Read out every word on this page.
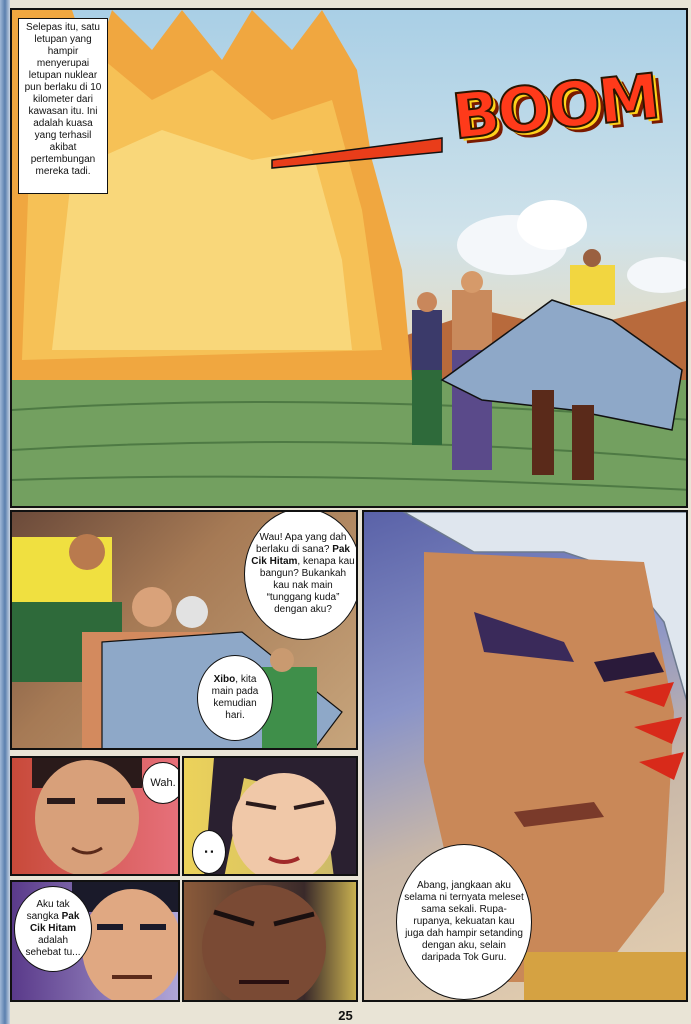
Selepas itu, satu letupan yang hampir menyerupai letupan nuklear pun berlaku di 10 kilometer dari kawasan itu. Ini adalah kuasa yang terhasil akibat pertembungan mereka tadi.
BOOM
Wau! Apa yang dah berlaku di sana? Pak Cik Hitam, kenapa kau bangun? Bukankah kau nak main “tunggang kuda” dengan aku?
Xibo, kita main pada kemudian hari.
Abang, jangkaan aku selama ni ternyata meleset sama sekali. Rupa-rupanya, kekuatan kau juga dah hampir setanding dengan aku, selain daripada Tok Guru.
Wah.
:
Aku tak sangka Pak Cik Hitam adalah sehebat tu...
25
